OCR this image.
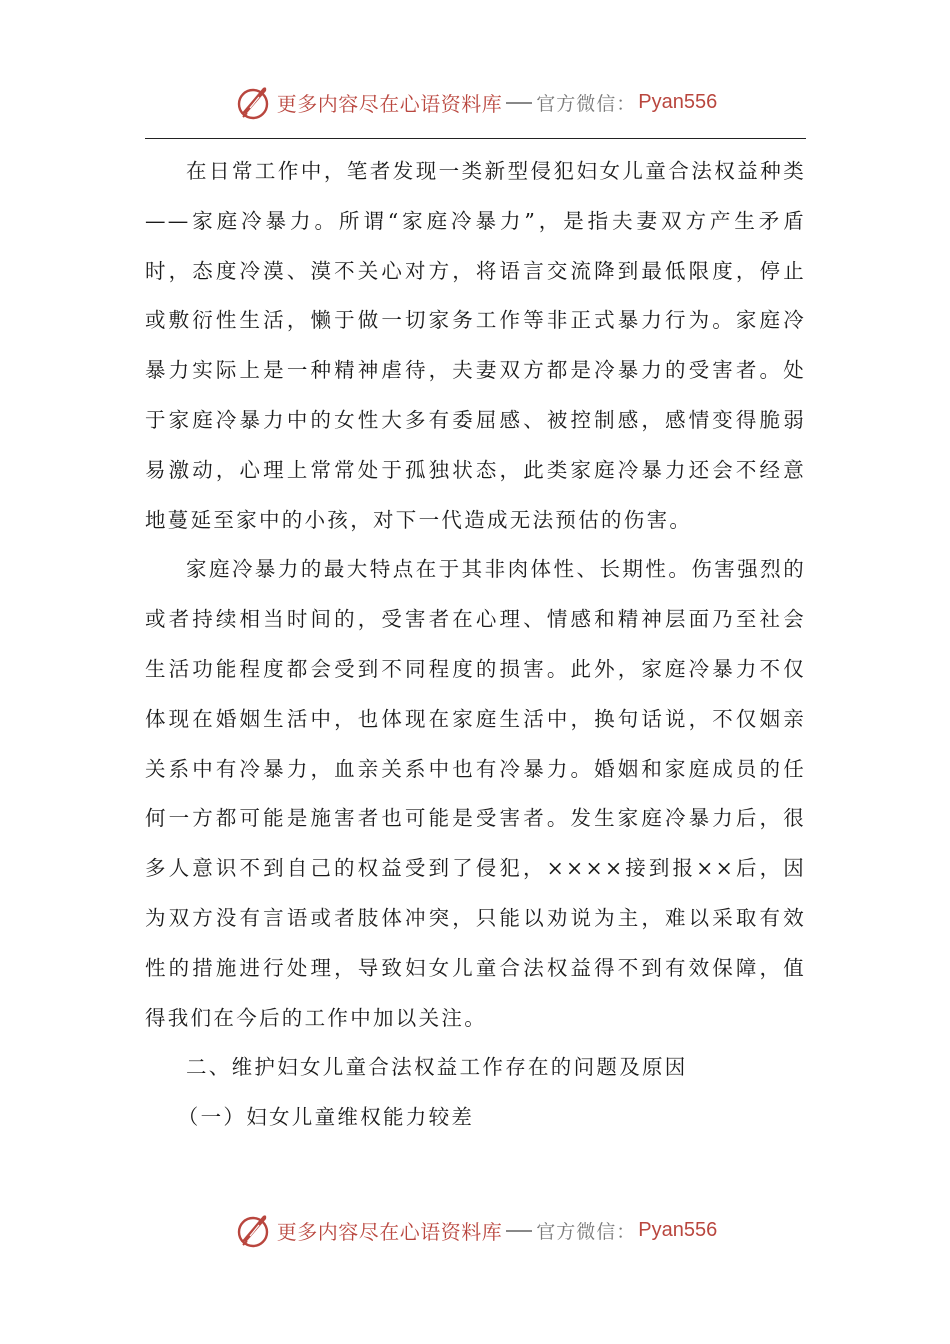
更多内容尽在心语资料库 官方微信： Pyan556

在日常工作中，笔者发现一类新型侵犯妇女儿童合法权益种类——家庭冷暴力。所谓“家庭冷暴力”，是指夫妻双方产生矛盾时，态度冷漠、漠不关心对方，将语言交流降到最低限度，停止或敷衍性生活，懒于做一切家务工作等非正式暴力行为。家庭冷暴力实际上是一种精神虐待，夫妻双方都是冷暴力的受害者。处于家庭冷暴力中的女性大多有委屈感、被控制感，感情变得脆弱易激动，心理上常常处于孤独状态，此类家庭冷暴力还会不经意地蔓延至家中的小孩，对下一代造成无法预估的伤害。

家庭冷暴力的最大特点在于其非肉体性、长期性。伤害强烈的或者持续相当时间的，受害者在心理、情感和精神层面乃至社会生活功能程度都会受到不同程度的损害。此外，家庭冷暴力不仅体现在婚姻生活中，也体现在家庭生活中，换句话说，不仅姻亲关系中有冷暴力，血亲关系中也有冷暴力。婚姻和家庭成员的任何一方都可能是施害者也可能是受害者。发生家庭冷暴力后，很多人意识不到自己的权益受到了侵犯，××××接到报××后，因为双方没有言语或者肢体冲突，只能以劝说为主，难以采取有效性的措施进行处理，导致妇女儿童合法权益得不到有效保障，值得我们在今后的工作中加以关注。

二、维护妇女儿童合法权益工作存在的问题及原因

（一）妇女儿童维权能力较差

更多内容尽在心语资料库 官方微信： Pyan556
